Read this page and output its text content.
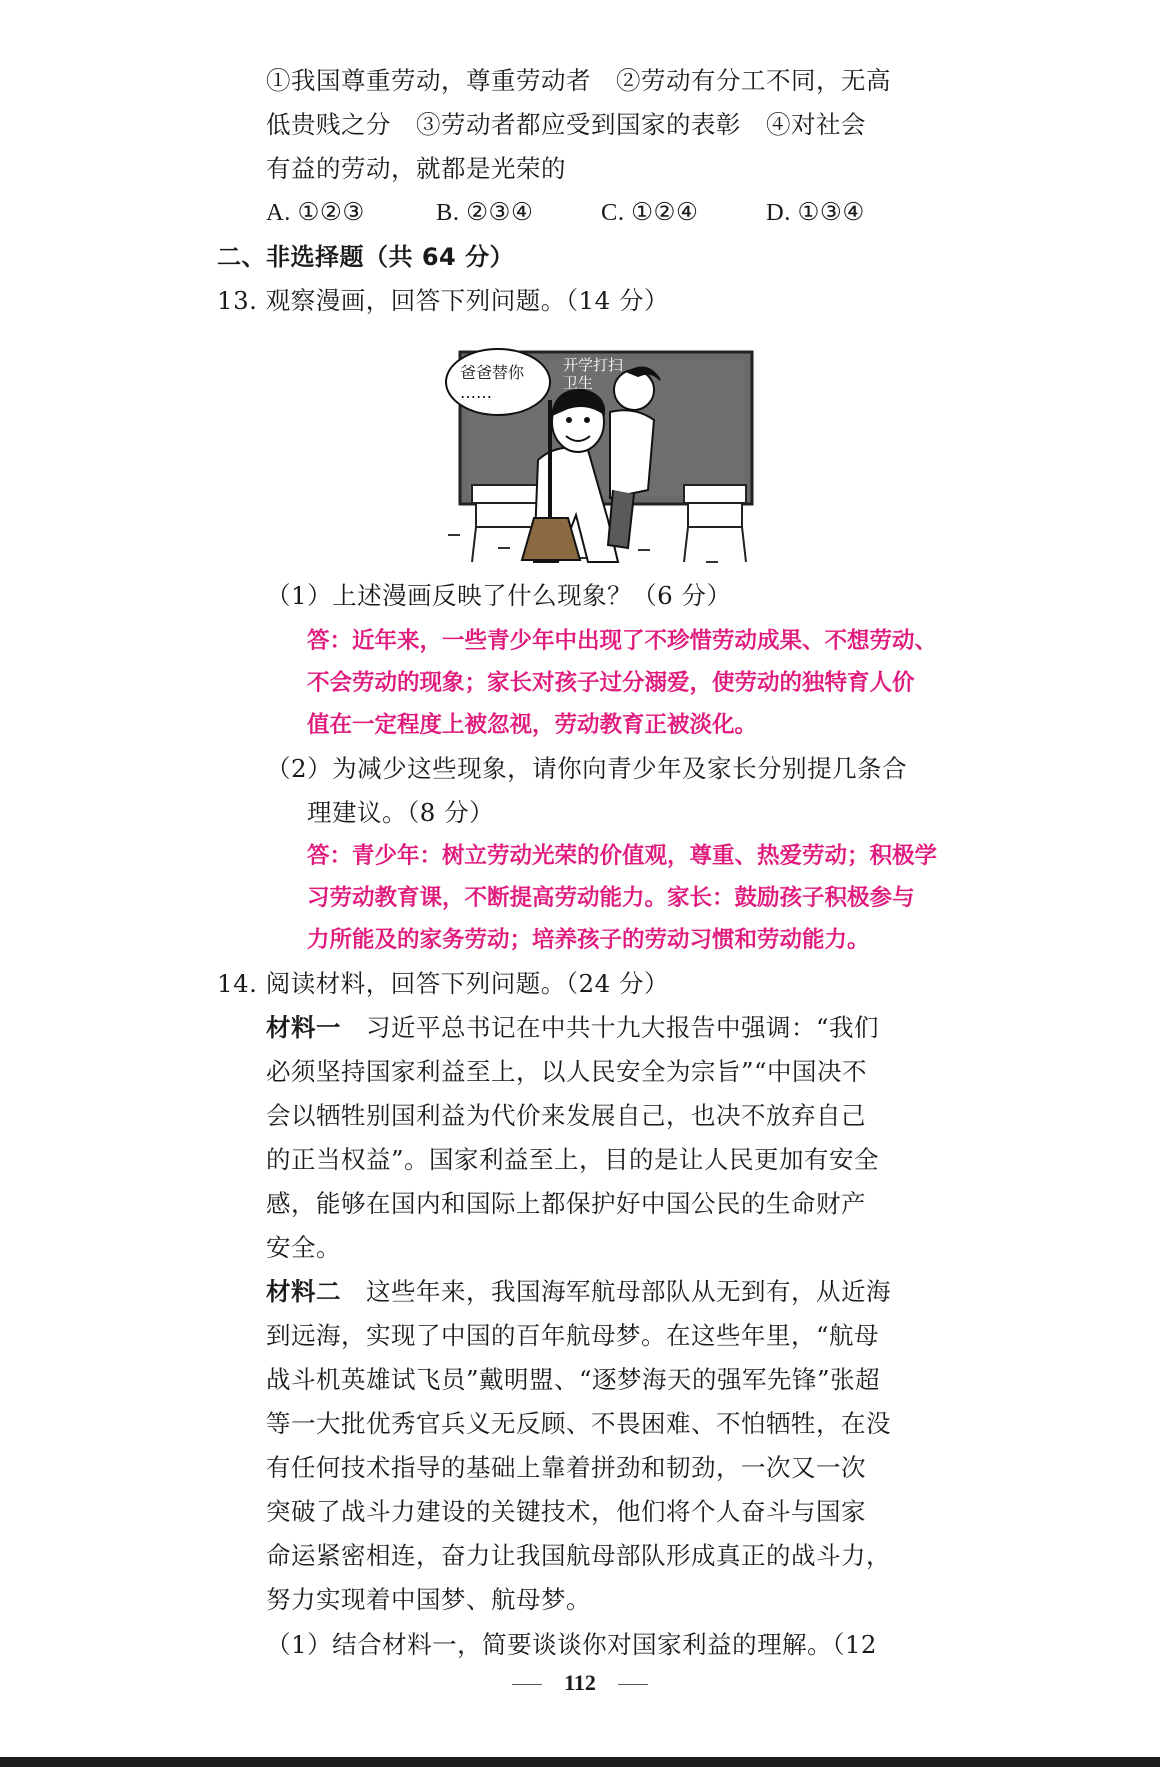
①我国尊重劳动，尊重劳动者　②劳动有分工不同，无高
低贵贱之分　③劳动者都应受到国家的表彰　④对社会
有益的劳动，就都是光荣的
A. ①②③	B. ②③④	C. ①②④	D. ①③④
二、非选择题（共 64 分）
13. 观察漫画，回答下列问题。（14 分）
爸爸替你
……
开学打扫
卫生
（1）上述漫画反映了什么现象？（6 分）
答：近年来，一些青少年中出现了不珍惜劳动成果、不想劳动、
不会劳动的现象；家长对孩子过分溺爱，使劳动的独特育人价
值在一定程度上被忽视，劳动教育正被淡化。
（2）为减少这些现象，请你向青少年及家长分别提几条合
理建议。（8 分）
答：青少年：树立劳动光荣的价值观，尊重、热爱劳动；积极学
习劳动教育课，不断提高劳动能力。家长：鼓励孩子积极参与
力所能及的家务劳动；培养孩子的劳动习惯和劳动能力。
14. 阅读材料，回答下列问题。（24 分）
材料一　习近平总书记在中共十九大报告中强调：“我们
必须坚持国家利益至上，以人民安全为宗旨”“中国决不
会以牺牲别国利益为代价来发展自己，也决不放弃自己
的正当权益”。国家利益至上，目的是让人民更加有安全
感，能够在国内和国际上都保护好中国公民的生命财产
安全。
材料二　这些年来，我国海军航母部队从无到有，从近海
到远海，实现了中国的百年航母梦。在这些年里，“航母
战斗机英雄试飞员”戴明盟、“逐梦海天的强军先锋”张超
等一大批优秀官兵义无反顾、不畏困难、不怕牺牲，在没
有任何技术指导的基础上靠着拼劲和韧劲，一次又一次
突破了战斗力建设的关键技术，他们将个人奋斗与国家
命运紧密相连，奋力让我国航母部队形成真正的战斗力，
努力实现着中国梦、航母梦。
（1）结合材料一，简要谈谈你对国家利益的理解。（12
112
